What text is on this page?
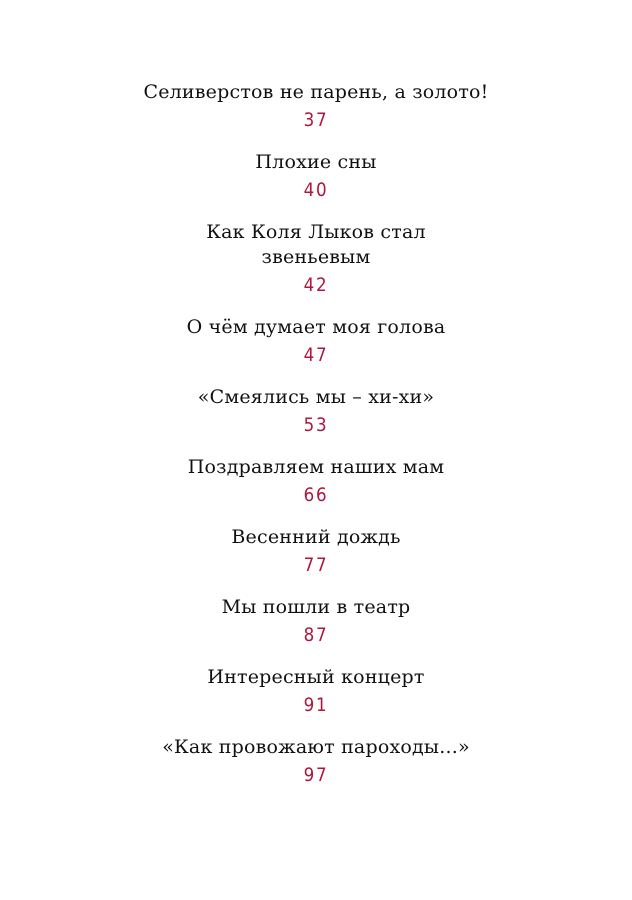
Селиверстов не парень, а золото!
37
Плохие сны
40
Как Коля Лыков стал
звеньевым
42
О чём думает моя голова
47
«Смеялись мы – хи-хи»
53
Поздравляем наших мам
66
Весенний дождь
77
Мы пошли в театр
87
Интересный концерт
91
«Как провожают пароходы...»
97
